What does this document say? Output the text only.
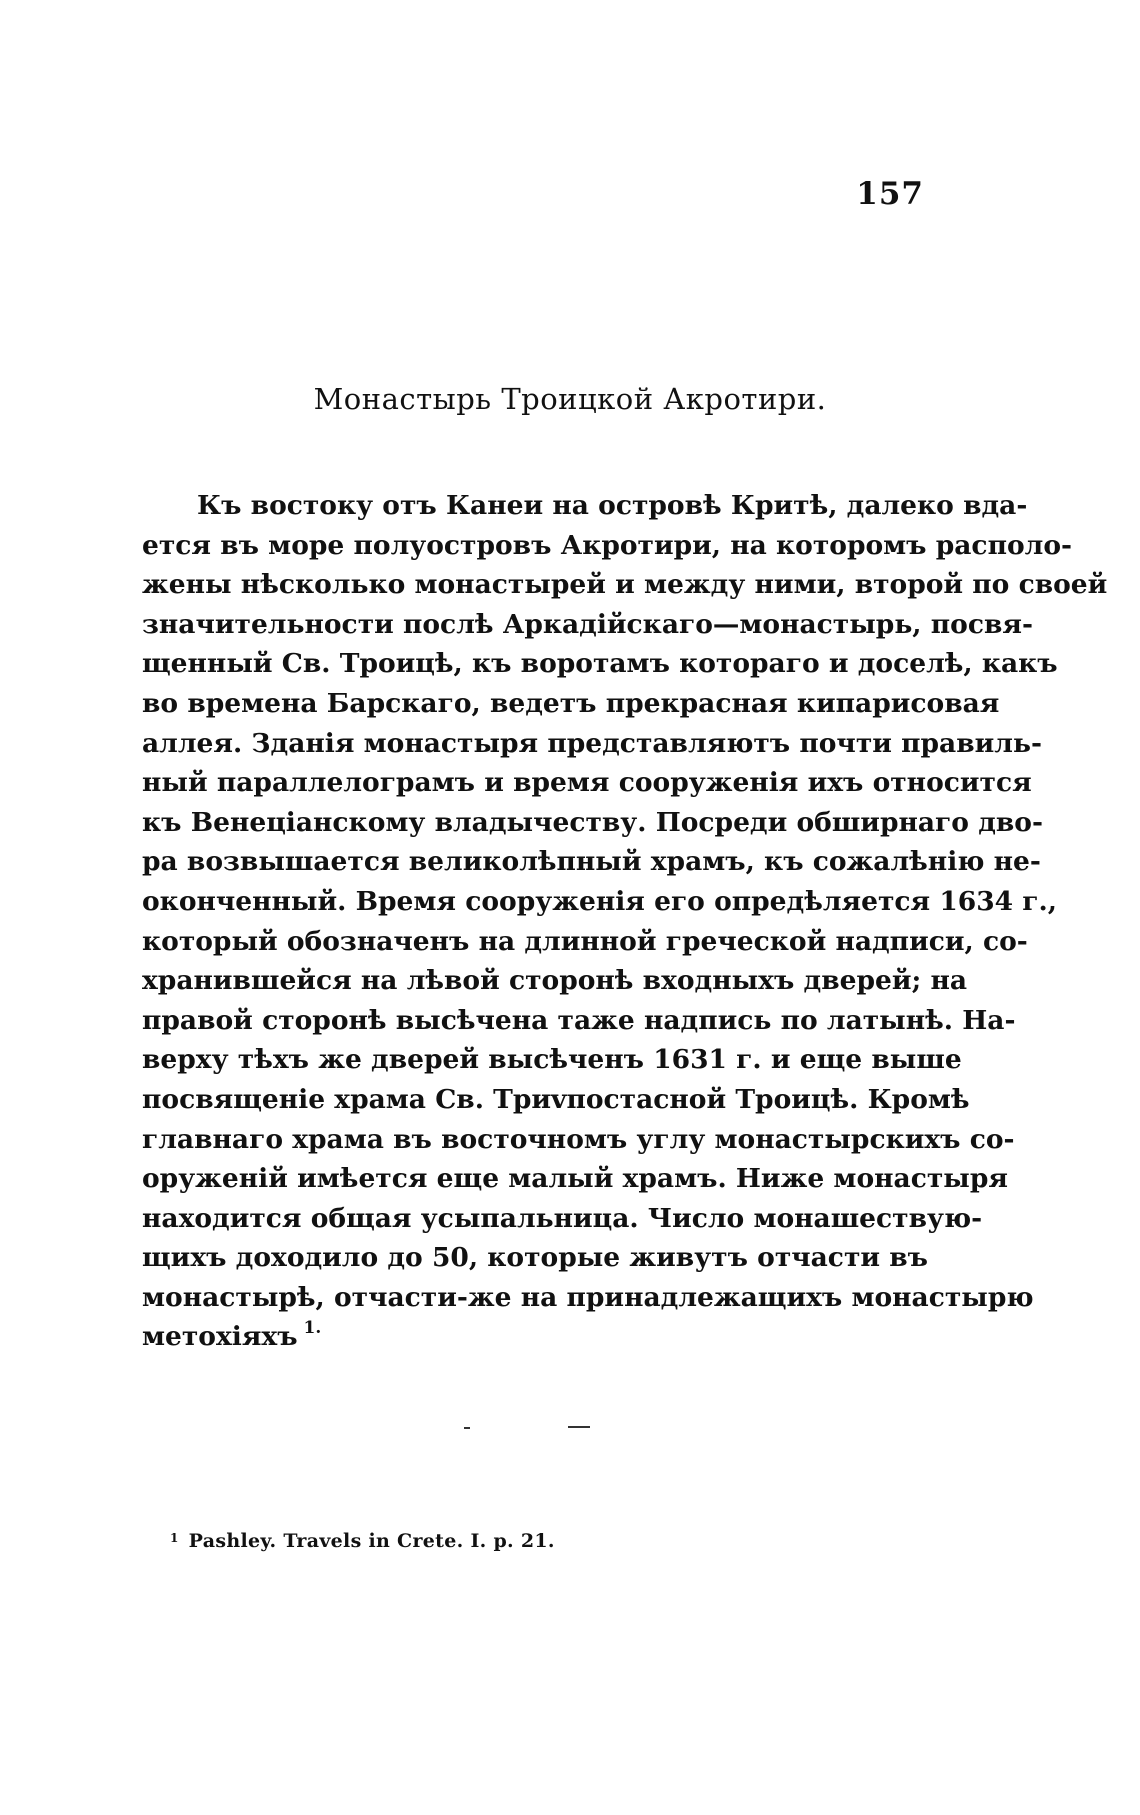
157
Монастырь Троицкой Акротири.
Къ востоку отъ Канеи на островѣ Критѣ, далеко вда-
ется въ море полуостровъ Акротири, на которомъ располо-
жены нѣсколько монастырей и между ними, второй по своей
значительности послѣ Аркадійскаго—монастырь, посвя-
щенный Св. Троицѣ, къ воротамъ котораго и доселѣ, какъ
во времена Барскаго, ведетъ прекрасная кипарисовая
аллея. Зданія монастыря представляютъ почти правиль-
ный параллелограмъ и время сооруженія ихъ относится
къ Венеціанскому владычеству. Посреди обширнаго дво-
ра возвышается великолѣпный храмъ, къ сожалѣнію не-
оконченный. Время сооруженія его опредѣляется 1634 г.,
который обозначенъ на длинной греческой надписи, со-
хранившейся на лѣвой сторонѣ входныхъ дверей; на
правой сторонѣ высѣчена таже надпись по латынѣ. На-
верху тѣхъ же дверей высѣченъ 1631 г. и еще выше
посвященіе храма Св. Триvпостасной Троицѣ. Кромѣ
главнаго храма въ восточномъ углу монастырскихъ со-
оруженій имѣется еще малый храмъ. Ниже монастыря
находится общая усыпальница. Число монашествую-
щихъ доходило до 50, которые живутъ отчасти въ
монастырѣ, отчасти-же на принадлежащихъ монастырю
метохіяхъ $^{1.}$
$^1$ Pashley. Travels in Crete. I. p. 21.
